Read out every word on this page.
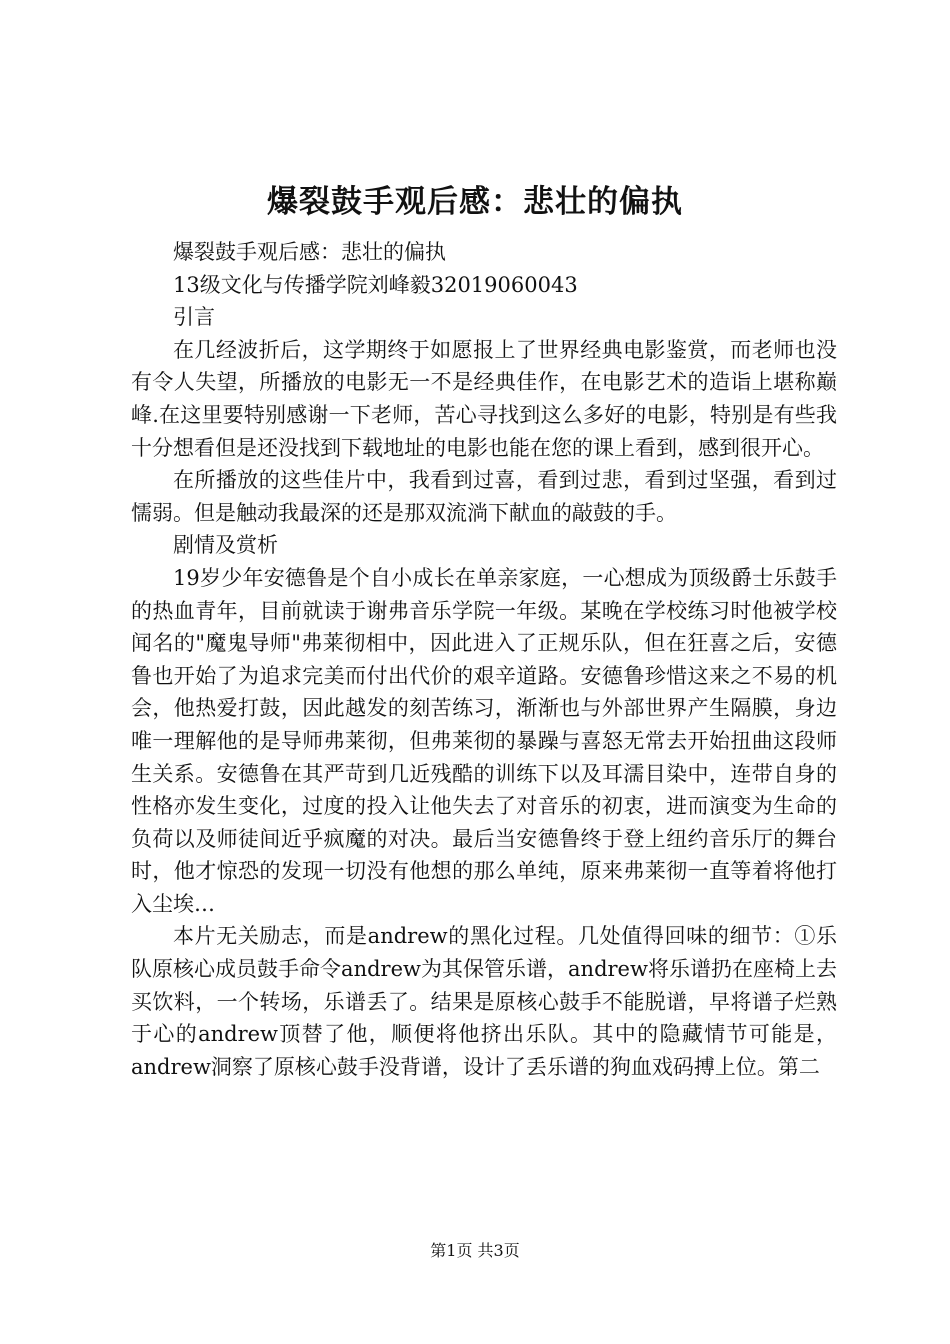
爆裂鼓手观后感：悲壮的偏执

爆裂鼓手观后感：悲壮的偏执

13级文化与传播学院刘峰毅32019060043

引言

在几经波折后，这学期终于如愿报上了世界经典电影鉴赏，而老师也没有令人失望，所播放的电影无一不是经典佳作，在电影艺术的造诣上堪称巅峰.在这里要特别感谢一下老师，苦心寻找到这么多好的电影，特别是有些我十分想看但是还没找到下载地址的电影也能在您的课上看到，感到很开心。

在所播放的这些佳片中，我看到过喜，看到过悲，看到过坚强，看到过懦弱。但是触动我最深的还是那双流淌下献血的敲鼓的手。

剧情及赏析

19岁少年安德鲁是个自小成长在单亲家庭，一心想成为顶级爵士乐鼓手的热血青年，目前就读于谢弗音乐学院一年级。某晚在学校练习时他被学校闻名的"魔鬼导师"弗莱彻相中，因此进入了正规乐队，但在狂喜之后，安德鲁也开始了为追求完美而付出代价的艰辛道路。安德鲁珍惜这来之不易的机会，他热爱打鼓，因此越发的刻苦练习，渐渐也与外部世界产生隔膜，身边唯一理解他的是导师弗莱彻，但弗莱彻的暴躁与喜怒无常去开始扭曲这段师生关系。安德鲁在其严苛到几近残酷的训练下以及耳濡目染中，连带自身的性格亦发生变化，过度的投入让他失去了对音乐的初衷，进而演变为生命的负荷以及师徒间近乎疯魔的对决。最后当安德鲁终于登上纽约音乐厅的舞台时，他才惊恐的发现一切没有他想的那么单纯，原来弗莱彻一直等着将他打入尘埃…

本片无关励志，而是andrew的黑化过程。几处值得回味的细节：①乐队原核心成员鼓手命令andrew为其保管乐谱，andrew将乐谱扔在座椅上去买饮料，一个转场，乐谱丢了。结果是原核心鼓手不能脱谱，早将谱子烂熟于心的andrew顶替了他，顺便将他挤出乐队。其中的隐藏情节可能是，andrew洞察了原核心鼓手没背谱，设计了丢乐谱的狗血戏码搏上位。第二

第1页 共3页
